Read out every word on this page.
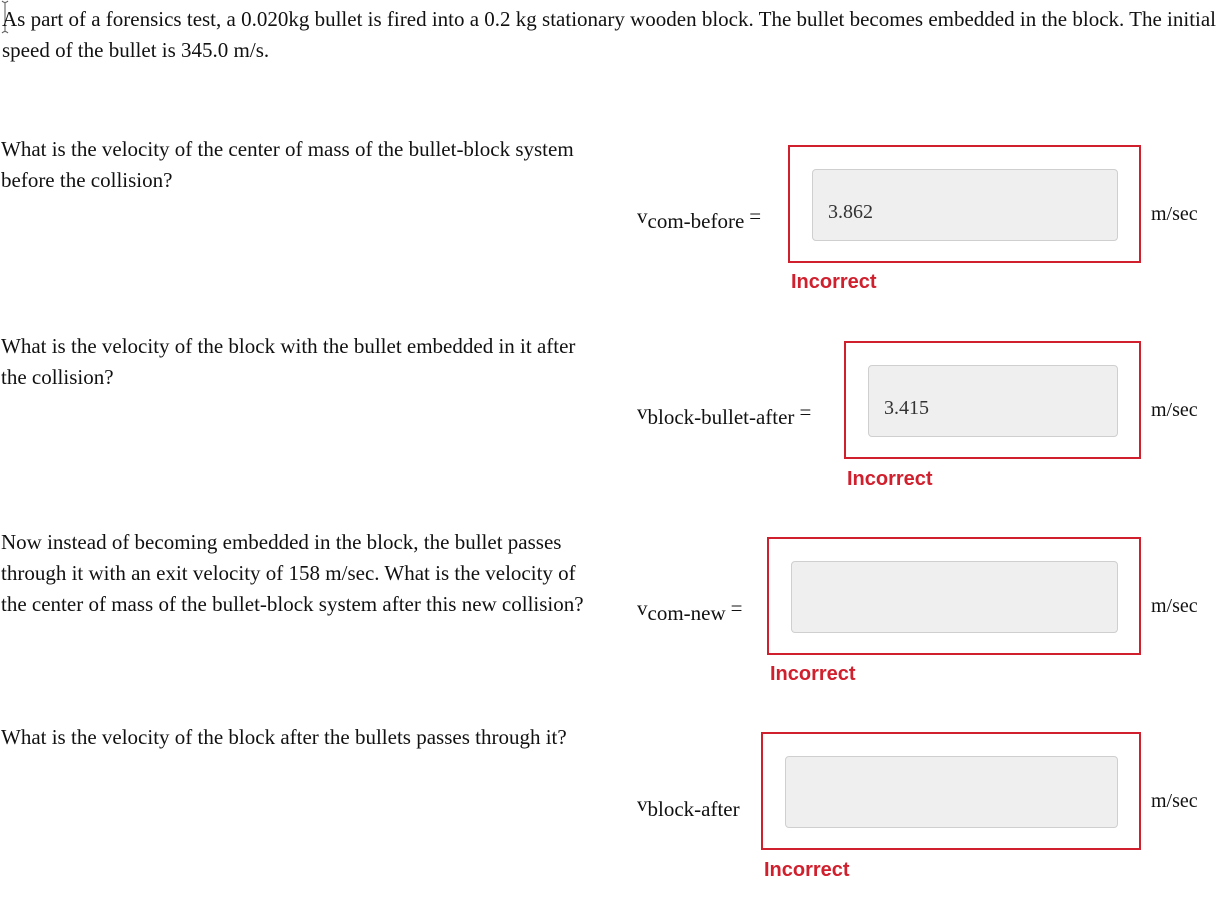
As part of a forensics test, a 0.020kg bullet is fired into a 0.2 kg stationary wooden block. The bullet becomes embedded in the block. The initial speed of the bullet is 345.0 m/s.

What is the velocity of the center of mass of the bullet-block system before the collision?

vcom-before =
3.862	m/sec
Incorrect

What is the velocity of the block with the bullet embedded in it after the collision?

vblock-bullet-after =
3.415	m/sec
Incorrect

Now instead of becoming embedded in the block, the bullet passes through it with an exit velocity of 158 m/sec. What is the velocity of the center of mass of the bullet-block system after this new collision?	vcom-new =	m/sec
Incorrect

What is the velocity of the block after the bullets passes through it?

vblock-after	m/sec
Incorrect
